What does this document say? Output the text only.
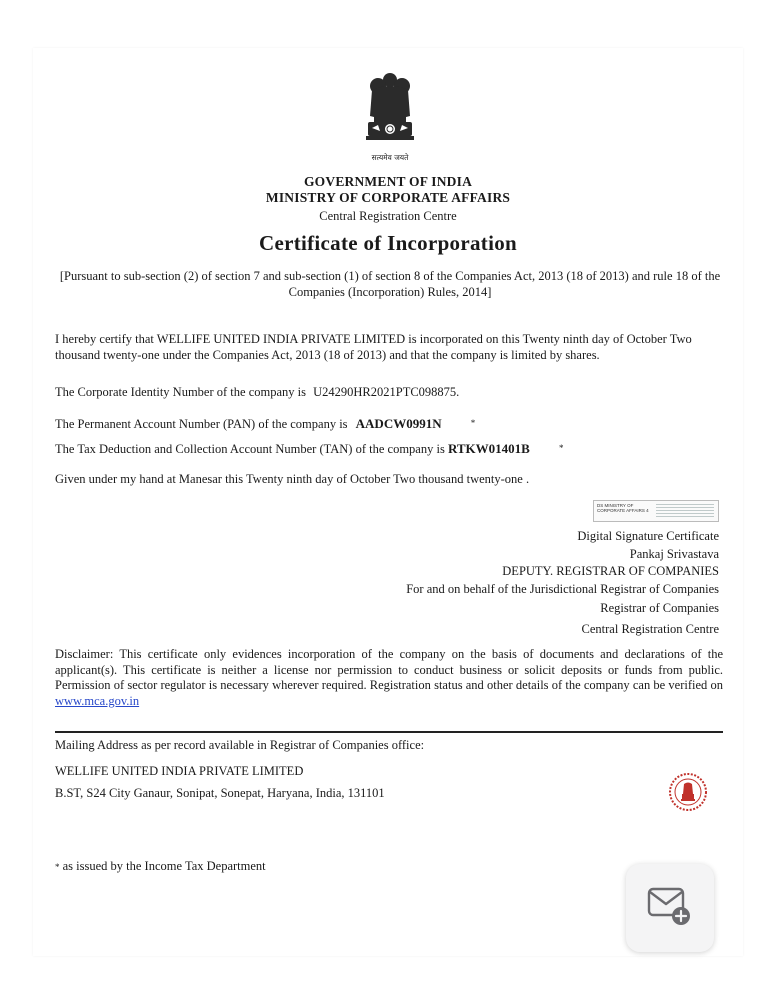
सत्यमेव जयते
GOVERNMENT OF INDIA
MINISTRY OF CORPORATE AFFAIRS
Central Registration Centre
Certificate of Incorporation
[Pursuant to sub-section (2) of section 7 and sub-section (1) of section 8 of the Companies Act, 2013 (18 of 2013) and rule 18 of the Companies (Incorporation) Rules, 2014]
I hereby certify that WELLIFE UNITED INDIA PRIVATE LIMITED is incorporated on this Twenty ninth day of October Two thousand twenty-one under the Companies Act, 2013 (18 of 2013) and that the company is limited by shares.
The Corporate Identity Number of the company is U24290HR2021PTC098875.
The Permanent Account Number (PAN) of the company is AADCW0991N	*
The Tax Deduction and Collection Account Number (TAN) of the company is RTKW01401B	*
Given under my hand at Manesar this Twenty ninth day of October Two thousand twenty-one .
DS MINISTRY OF CORPORATE AFFAIRS 4
Digital Signature Certificate
Pankaj Srivastava
DEPUTY. REGISTRAR OF COMPANIES
For and on behalf of the Jurisdictional Registrar of Companies
Registrar of Companies
Central Registration Centre
Disclaimer: This certificate only evidences incorporation of the company on the basis of documents and declarations of the applicant(s). This certificate is neither a license nor permission to conduct business or solicit deposits or funds from public. Permission of sector regulator is necessary wherever required. Registration status and other details of the company can be verified on www.mca.gov.in
Mailing Address as per record available in Registrar of Companies office:
WELLIFE UNITED INDIA PRIVATE LIMITED
B.ST, S24 City Ganaur, Sonipat, Sonepat, Haryana, India, 131101
* as issued by the Income Tax Department
